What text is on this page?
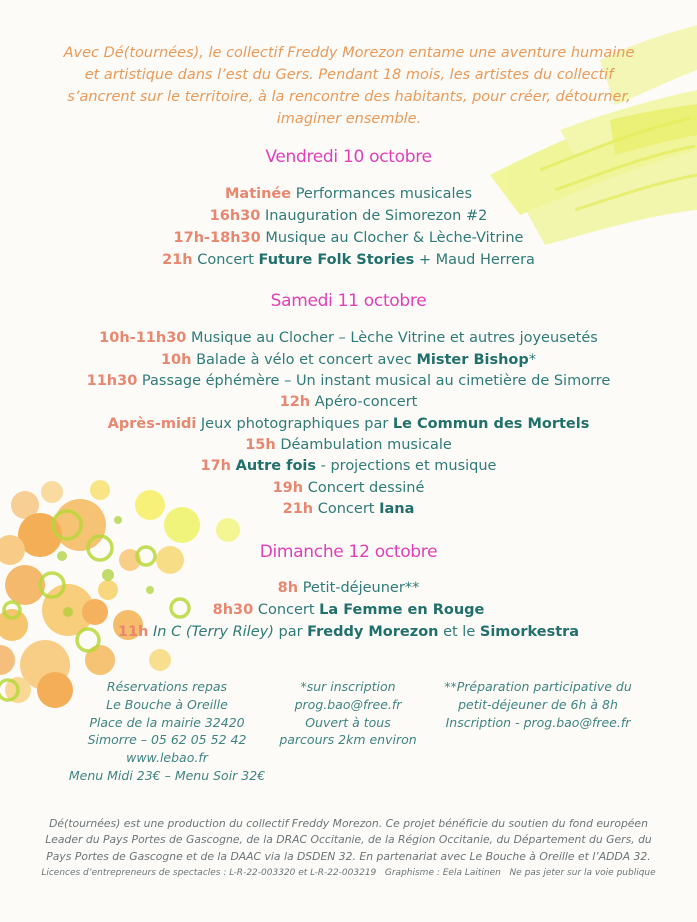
Avec Dé(tournées), le collectif Freddy Morezon entame une aventure humaine
et artistique dans l’est du Gers. Pendant 18 mois, les artistes du collectif
s’ancrent sur le territoire, à la rencontre des habitants, pour créer, détourner,
imaginer ensemble.

Vendredi 10 octobre
Matinée Performances musicales
16h30 Inauguration de Simorezon #2
17h-18h30 Musique au Clocher & Lèche-Vitrine
21h Concert Future Folk Stories + Maud Herrera
Samedi 11 octobre
10h-11h30 Musique au Clocher – Lèche Vitrine et autres joyeusetés
10h Balade à vélo et concert avec Mister Bishop*
11h30 Passage éphémère – Un instant musical au cimetière de Simorre
12h Apéro-concert
Après-midi Jeux photographiques par Le Commun des Mortels
15h Déambulation musicale
17h Autre fois - projections et musique
19h Concert dessiné
21h Concert Iana
Dimanche 12 octobre
8h Petit-déjeuner**
8h30 Concert La Femme en Rouge
11h In C (Terry Riley) par Freddy Morezon et le Simorkestra
Réservations repas
Le Bouche à Oreille
Place de la mairie 32420
Simorre – 05 62 05 52 42
www.lebao.fr
Menu Midi 23€ – Menu Soir 32€
*sur inscription
prog.bao@free.fr
Ouvert à tous
parcours 2km environ
**Préparation participative du
petit-déjeuner de 6h à 8h
Inscription - prog.bao@free.fr
Dé(tournées) est une production du collectif Freddy Morezon. Ce projet bénéficie du soutien du fond européen
Leader du Pays Portes de Gascogne, de la DRAC Occitanie, de la Région Occitanie, du Département du Gers, du
Pays Portes de Gascogne et de la DAAC via la DSDEN 32. En partenariat avec Le Bouche à Oreille et l’ADDA 32.
Licences d’entrepreneurs de spectacles : L-R-22-003320 et L-R-22-003219 Graphisme : Eela Laitinen Ne pas jeter sur la voie publique
